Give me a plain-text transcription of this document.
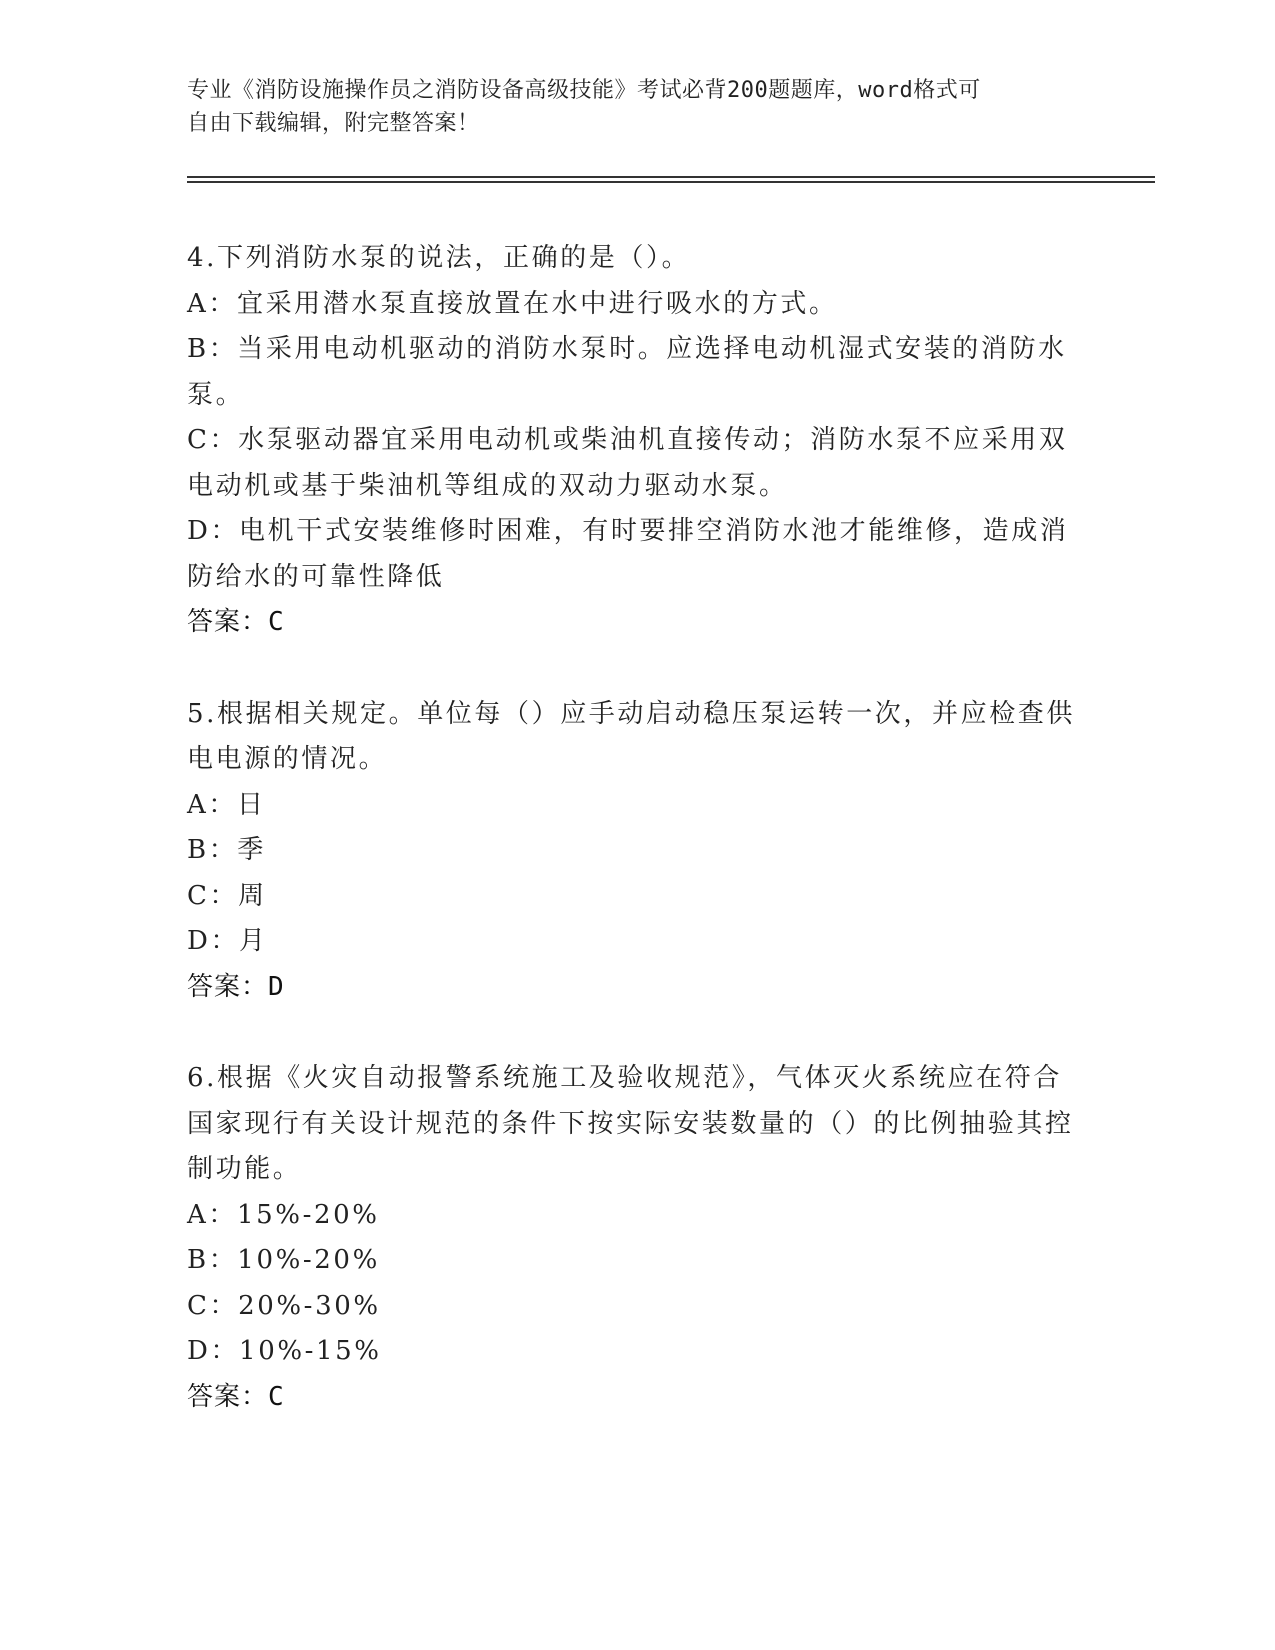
专业《消防设施操作员之消防设备高级技能》考试必背200题题库，word格式可
自由下载编辑，附完整答案！
4.下列消防水泵的说法，正确的是（）。
A：宜采用潜水泵直接放置在水中进行吸水的方式。
B：当采用电动机驱动的消防水泵时。应选择电动机湿式安装的消防水泵。
C：水泵驱动器宜采用电动机或柴油机直接传动；消防水泵不应采用双电动机或基于柴油机等组成的双动力驱动水泵。
D：电机干式安装维修时困难，有时要排空消防水池才能维修，造成消防给水的可靠性降低
答案：C
5.根据相关规定。单位每（）应手动启动稳压泵运转一次，并应检查供电电源的情况。
A：日
B：季
C：周
D：月
答案：D
6.根据《火灾自动报警系统施工及验收规范》，气体灭火系统应在符合国家现行有关设计规范的条件下按实际安装数量的（）的比例抽验其控制功能。
A：15%-20%
B：10%-20%
C：20%-30%
D：10%-15%
答案：C
